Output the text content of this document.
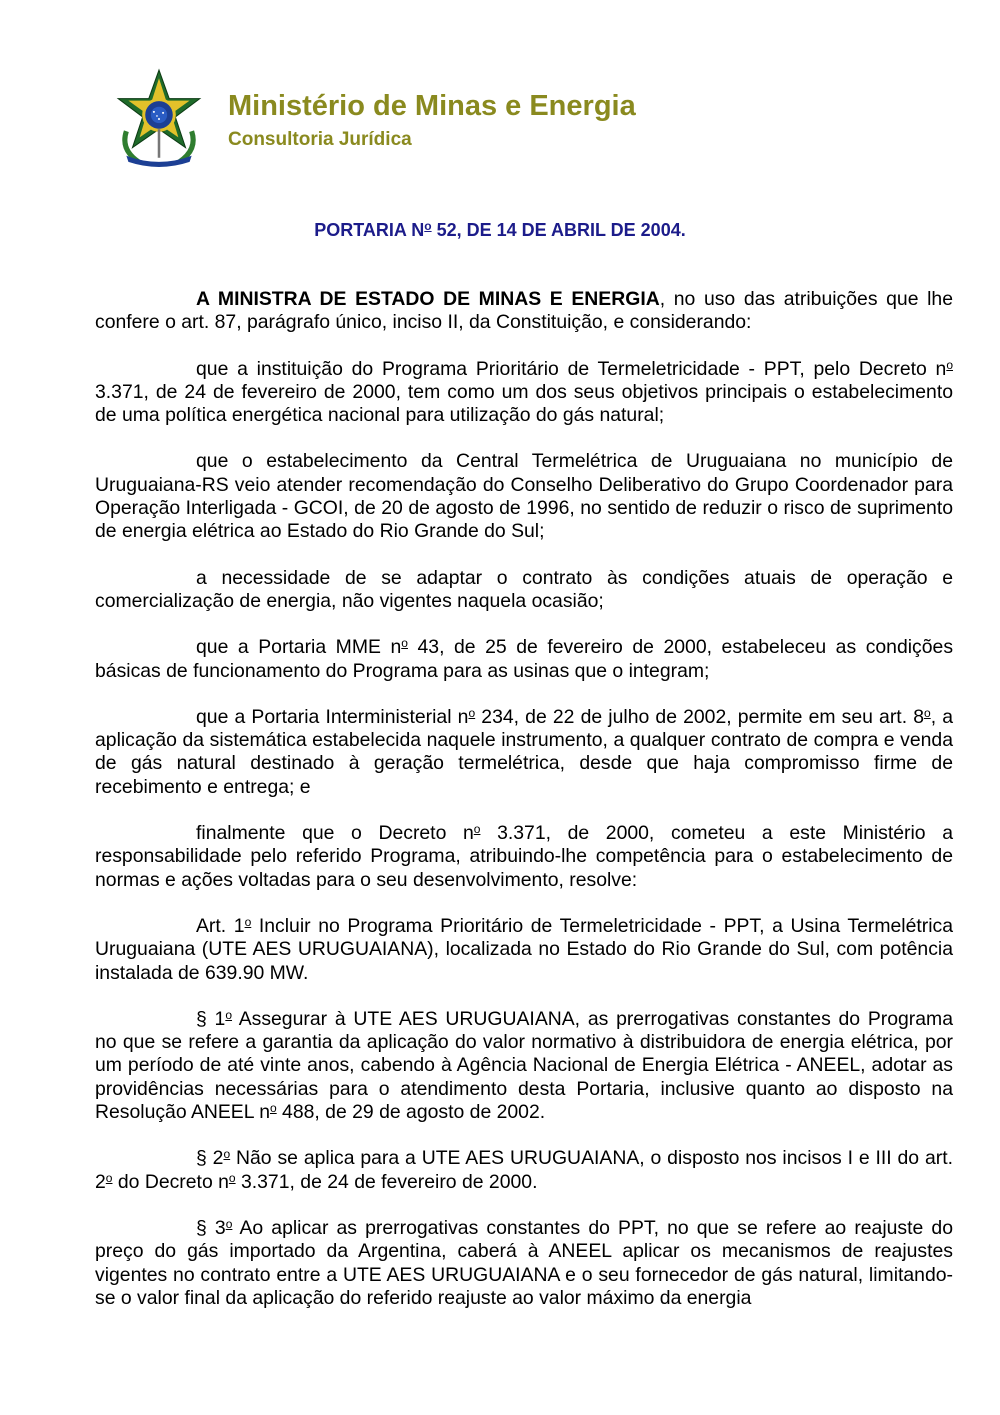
Ministério de Minas e Energia
Consultoria Jurídica
PORTARIA $N^o$ 52, DE 14 DE ABRIL DE 2004.

A MINISTRA DE ESTADO DE MINAS E ENERGIA, no uso das atribuições que lhe confere o art. 87, parágrafo único, inciso II, da Constituição, e considerando:

que a instituição do Programa Prioritário de Termeletricidade - PPT, pelo Decreto $n^o$ 3.371, de 24 de fevereiro de 2000, tem como um dos seus objetivos principais o estabelecimento de uma política energética nacional para utilização do gás natural;

que o estabelecimento da Central Termelétrica de Uruguaiana no município de Uruguaiana-RS veio atender recomendação do Conselho Deliberativo do Grupo Coordenador para Operação Interligada - GCOI, de 20 de agosto de 1996, no sentido de reduzir o risco de suprimento de energia elétrica ao Estado do Rio Grande do Sul;

a necessidade de se adaptar o contrato às condições atuais de operação e comercialização de energia, não vigentes naquela ocasião;

que a Portaria MME $n^o$ 43, de 25 de fevereiro de 2000, estabeleceu as condições básicas de funcionamento do Programa para as usinas que o integram;

que a Portaria Interministerial $n^o$ 234, de 22 de julho de 2002, permite em seu art. 8$^o$, a aplicação da sistemática estabelecida naquele instrumento, a qualquer contrato de compra e venda de gás natural destinado à geração termelétrica, desde que haja compromisso firme de recebimento e entrega; e

finalmente que o Decreto $n^o$ 3.371, de 2000, cometeu a este Ministério a responsabilidade pelo referido Programa, atribuindo-lhe competência para o estabelecimento de normas e ações voltadas para o seu desenvolvimento, resolve:

Art. 1$^o$ Incluir no Programa Prioritário de Termeletricidade - PPT, a Usina Termelétrica Uruguaiana (UTE AES URUGUAIANA), localizada no Estado do Rio Grande do Sul, com potência instalada de 639.90 MW.

§ 1$^o$ Assegurar à UTE AES URUGUAIANA, as prerrogativas constantes do Programa no que se refere a garantia da aplicação do valor normativo à distribuidora de energia elétrica, por um período de até vinte anos, cabendo à Agência Nacional de Energia Elétrica - ANEEL, adotar as providências necessárias para o atendimento desta Portaria, inclusive quanto ao disposto na Resolução ANEEL $n^o$ 488, de 29 de agosto de 2002.

§ 2$^o$ Não se aplica para a UTE AES URUGUAIANA, o disposto nos incisos I e III do art. 2$^o$ do Decreto $n^o$ 3.371, de 24 de fevereiro de 2000.

§ 3$^o$ Ao aplicar as prerrogativas constantes do PPT, no que se refere ao reajuste do preço do gás importado da Argentina, caberá à ANEEL aplicar os mecanismos de reajustes vigentes no contrato entre a UTE AES URUGUAIANA e o seu fornecedor de gás natural, limitando-se o valor final da aplicação do referido reajuste ao valor máximo da energia
